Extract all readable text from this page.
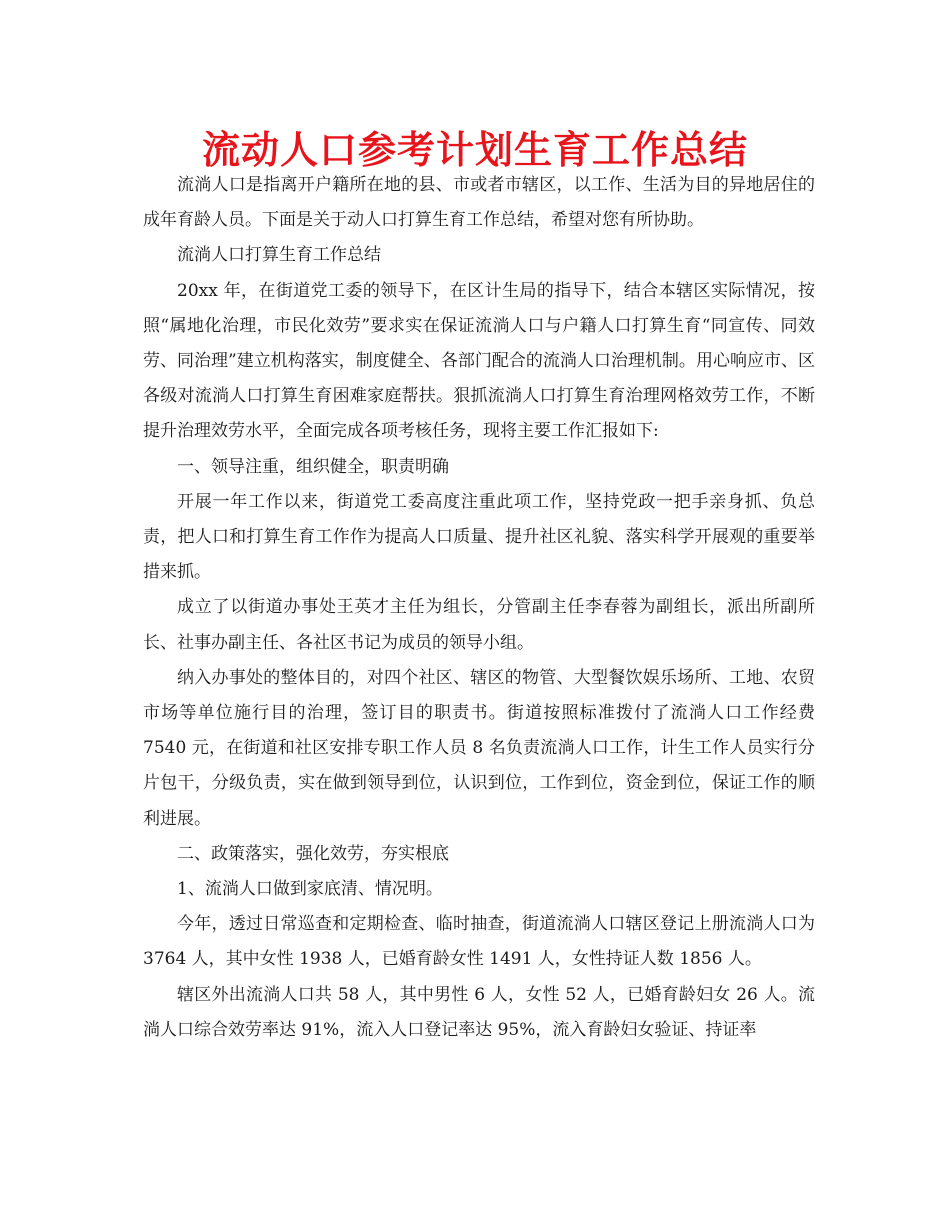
流动人口参考计划生育工作总结

流淌人口是指离开户籍所在地的县、市或者市辖区，以工作、生活为目的异地居住的成年育龄人员。下面是关于动人口打算生育工作总结，希望对您有所协助。

流淌人口打算生育工作总结

20xx 年，在街道党工委的领导下，在区计生局的指导下，结合本辖区实际情况，按照“属地化治理，市民化效劳”要求实在保证流淌人口与户籍人口打算生育“同宣传、同效劳、同治理”建立机构落实，制度健全、各部门配合的流淌人口治理机制。用心响应市、区各级对流淌人口打算生育困难家庭帮扶。狠抓流淌人口打算生育治理网格效劳工作，不断提升治理效劳水平，全面完成各项考核任务，现将主要工作汇报如下:

一、领导注重，组织健全，职责明确

开展一年工作以来，街道党工委高度注重此项工作，坚持党政一把手亲身抓、负总责，把人口和打算生育工作作为提高人口质量、提升社区礼貌、落实科学开展观的重要举措来抓。

成立了以街道办事处王英才主任为组长，分管副主任李春蓉为副组长，派出所副所长、社事办副主任、各社区书记为成员的领导小组。

纳入办事处的整体目的，对四个社区、辖区的物管、大型餐饮娱乐场所、工地、农贸市场等单位施行目的治理，签订目的职责书。街道按照标准拨付了流淌人口工作经费 7540 元，在街道和社区安排专职工作人员 8 名负责流淌人口工作，计生工作人员实行分片包干，分级负责，实在做到领导到位，认识到位，工作到位，资金到位，保证工作的顺利进展。

二、政策落实，强化效劳，夯实根底

1、流淌人口做到家底清、情况明。

今年，透过日常巡查和定期检查、临时抽查，街道流淌人口辖区登记上册流淌人口为 3764 人，其中女性 1938 人，已婚育龄女性 1491 人，女性持证人数 1856 人。

辖区外出流淌人口共 58 人，其中男性 6 人，女性 52 人，已婚育龄妇女 26 人。流淌人口综合效劳率达 91%，流入人口登记率达 95%，流入育龄妇女验证、持证率
